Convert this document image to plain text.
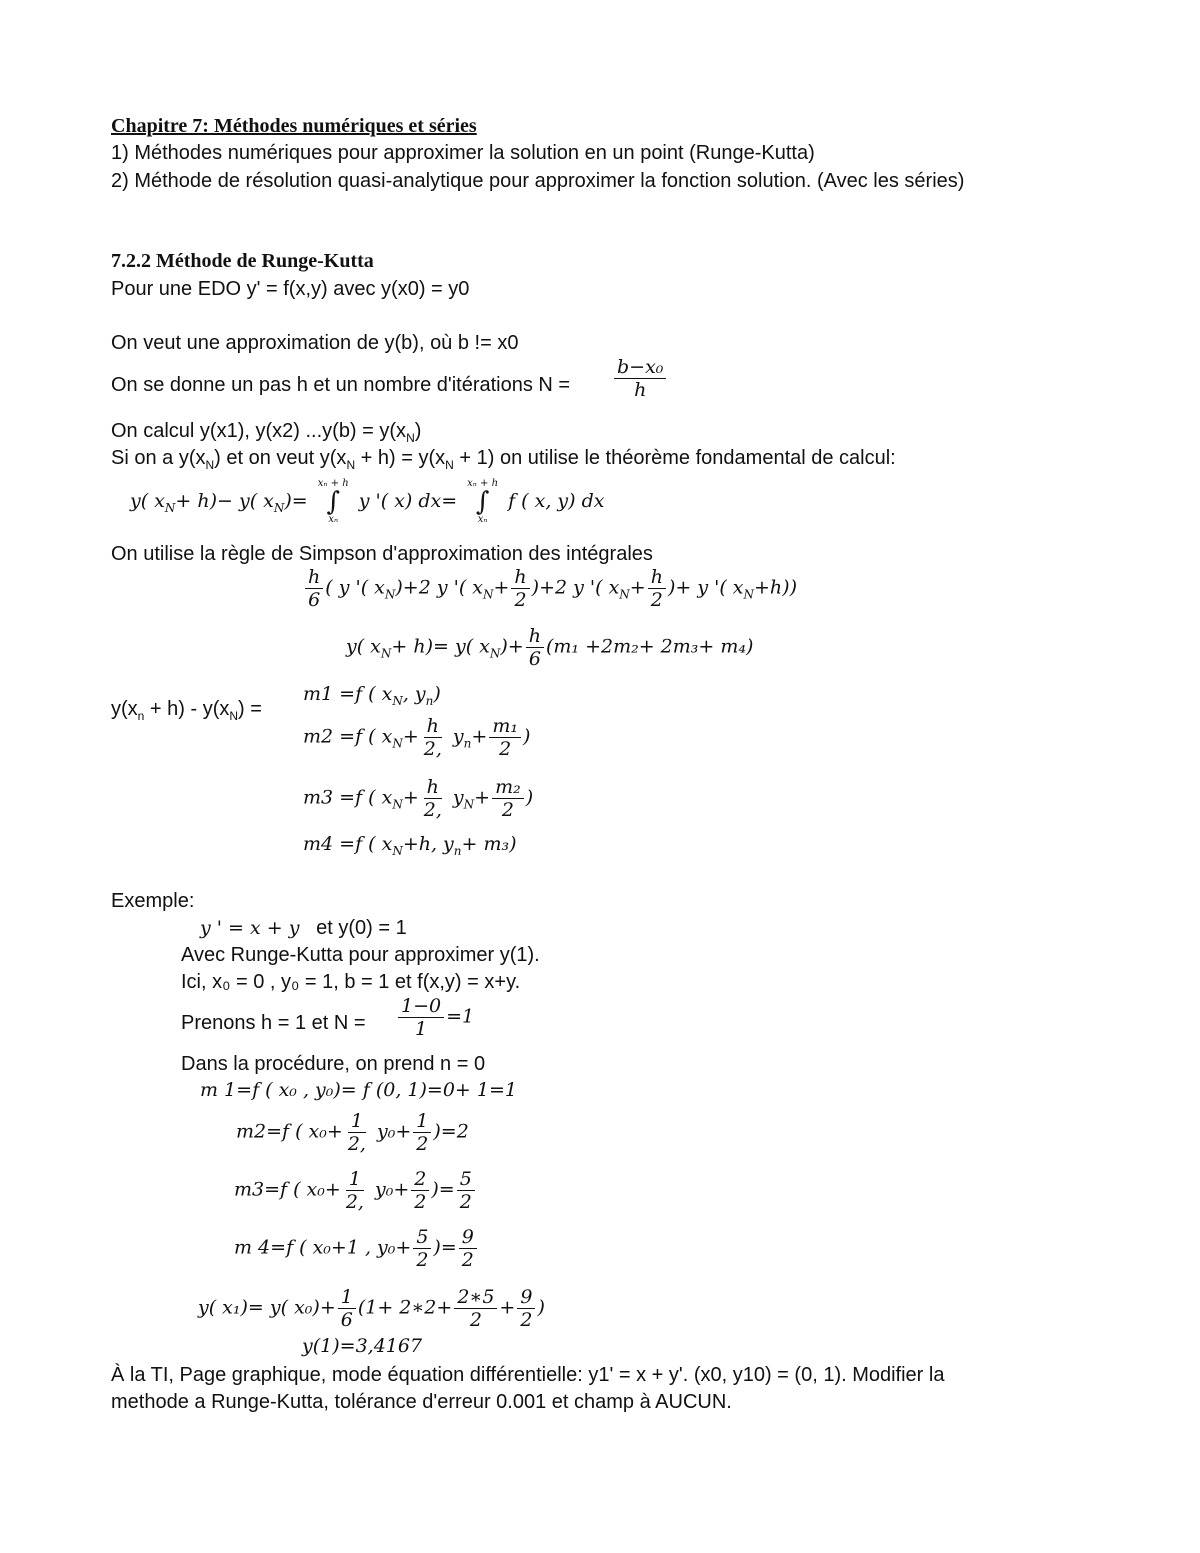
Chapitre 7: Méthodes numériques et séries
1) Méthodes numériques pour approximer la solution en un point (Runge-Kutta)
2) Méthode de résolution quasi-analytique pour approximer la fonction solution. (Avec les séries)
7.2.2 Méthode de Runge-Kutta
Pour une EDO y' = f(x,y) avec y(x0) = y0
On veut une approximation de y(b), où b != x0
On se donne un pas h et un nombre d'itérations $N = \frac{\text{b−x₀}}{h}$
On calcul y(x1), y(x2) $...y(b) = y(x_N)$
Si on a $y(x_N)$ et on veut $y(x_N + h) = y(x_N + 1)$ on utilise le théorème fondamental de calcul:
y( $x_N+ h)- y$( $x_N)=$
xₙ + h
∫
xₙ
y '( x) dx=
xₙ + h
∫
xₙ
f ( x, y) dx
On utilise la règle de Simpson d'approximation des intégrales
$\frac{h}{6}$ ( y '( $x_N)+2$ y '( $x_N+ \frac{h}{2} )+2$ y '( $x_N+ \frac{h}{2}$ )+ y '( $x_N+h$))
y( $x_N+ h)= y$( $x_N)+ \frac{h}{6} (m_1 +2m_2+ 2m_3+ m_4)$
$y(x_n + h) - y(x_N)$ =
m1 =f ( $x_N$, $y_n$)
m2 =f ( $x_N+ \frac{h}{2,} y_n+ \frac{\text{m₁}}{2}$ )
m3 =f ( $x_N+ \frac{h}{2,} y_N+ \frac{\text{m₂}}{2}$ )
m4 =f ( $x_N+h$, $y_n+ m_3$)
Exemple:
y ' = x + y et y(0) = 1
Avec Runge-Kutta pour approximer y(1).
Ici, x₀ = 0 , y₀ = 1, b = 1 et f(x,y) = x+y.
Prenons h = 1 et $N = \frac{1-0}{1} =1$
Dans la procédure, on prend n = 0
m 1=f ( x₀ , y₀)= f (0, 1)=0+ 1=1
m2=f ( $x_0+ \frac{1}{2,} y_0+ \frac{1}{2} )=2$
m3=f ( $x_0+ \frac{1}{2,} y_0+ \frac{2}{2}$ )= $\frac{5}{2}$
m 4=f ( x₀+1 , $y_0+ \frac{5}{2}$ )= $\frac{9}{2}$
y( x₁)= y( $x_0)+ \frac{1}{6} (1+$ 2∗2+ $\frac{2∗5}{2} + \frac{9}{2}$ )
y(1)=3,4167
À la TI, Page graphique, mode équation différentielle: y1' = x + y'. (x0, y10) = (0, 1). Modifier la
methode a Runge-Kutta, tolérance d'erreur 0.001 et champ à AUCUN.
